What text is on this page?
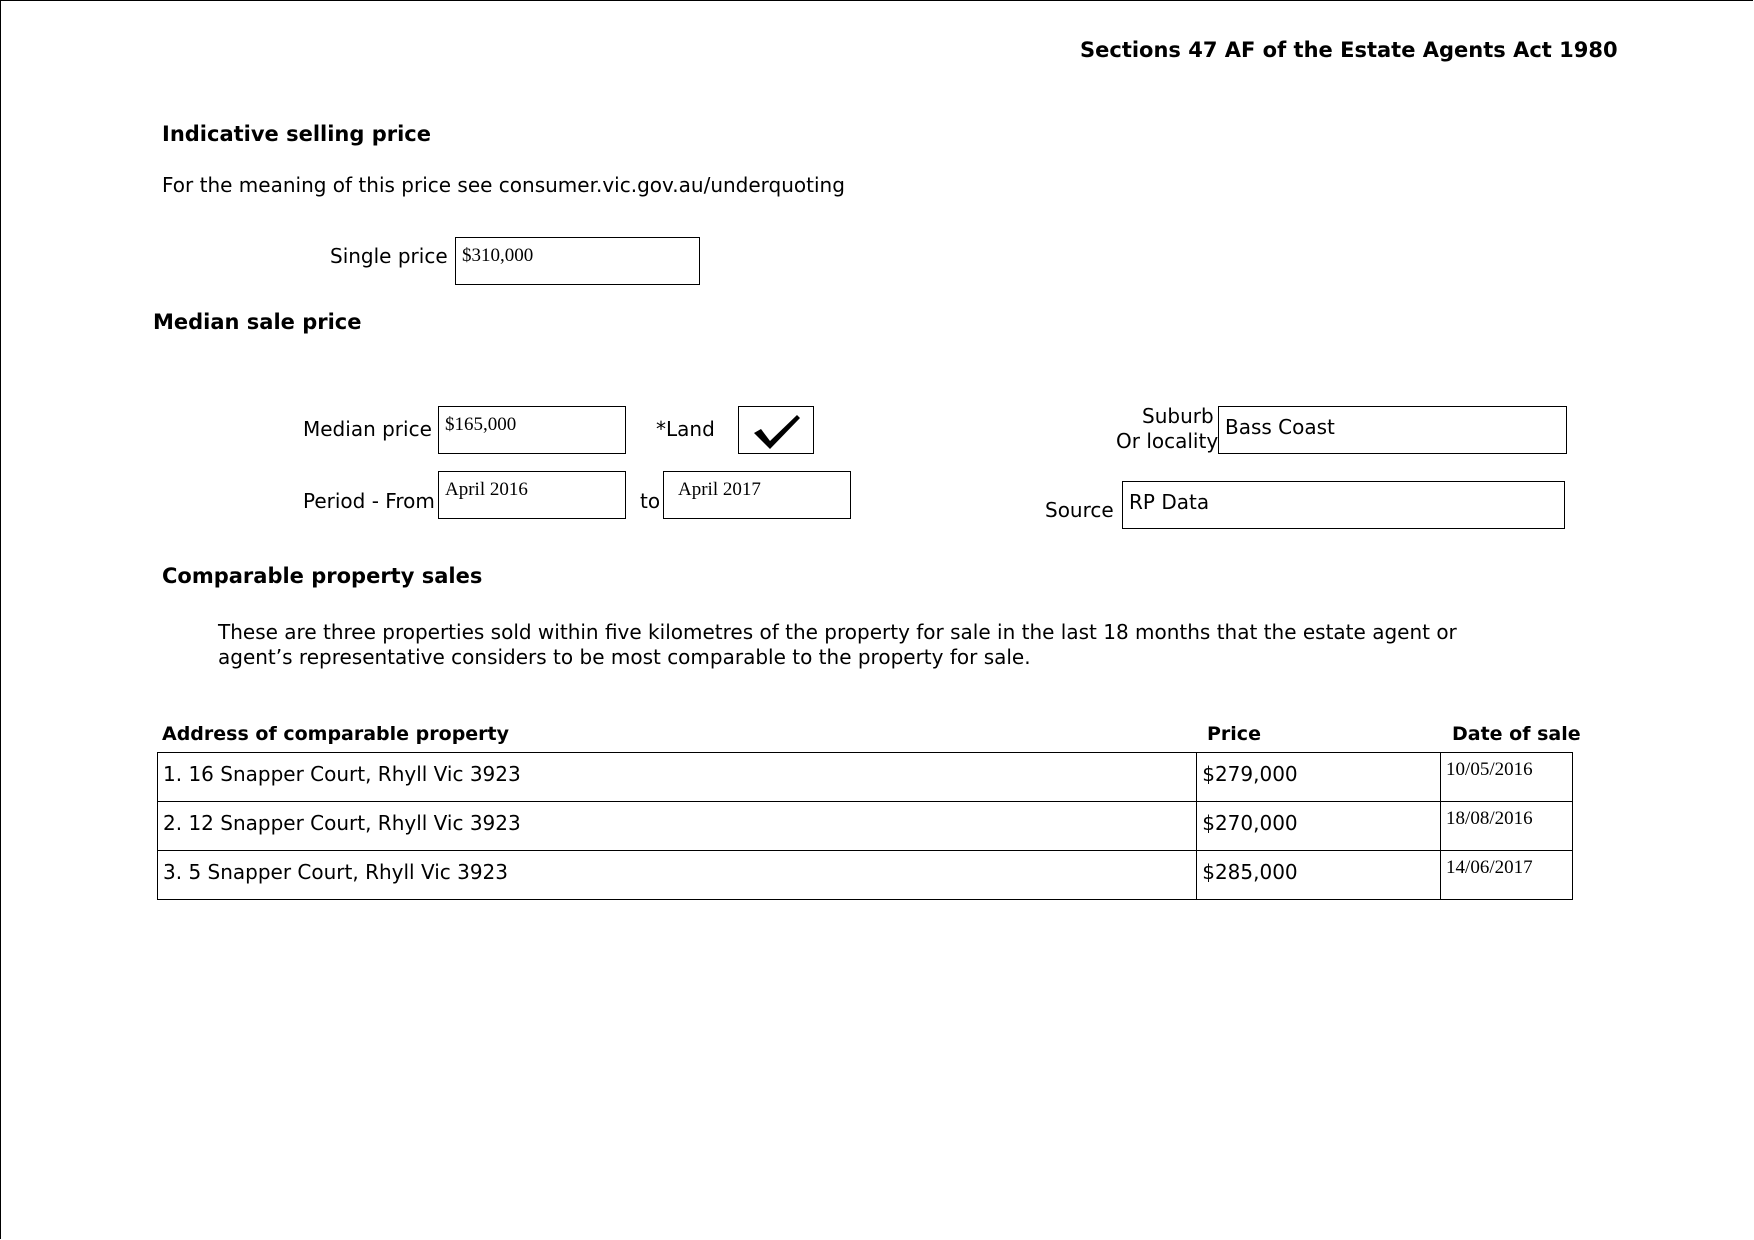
Sections 47 AF of the Estate Agents Act 1980
Indicative selling price
For the meaning of this price see consumer.vic.gov.au/underquoting
Single price $310,000
Median sale price
Median price $165,000	*Land
Suburb
Or locality
Bass Coast
Period - From April 2016	to April 2017
Source RP Data
Comparable property sales
These are three properties sold within five kilometres of the property for sale in the last 18 months that the estate agent or
agent’s representative considers to be most comparable to the property for sale.
Address of comparable property	Price	Date of sale
1. 16 Snapper Court, Rhyll Vic 3923	$279,000	10/05/2016

2. 12 Snapper Court, Rhyll Vic 3923	$270,000	18/08/2016

3. 5 Snapper Court, Rhyll Vic 3923	$285,000	14/06/2017
